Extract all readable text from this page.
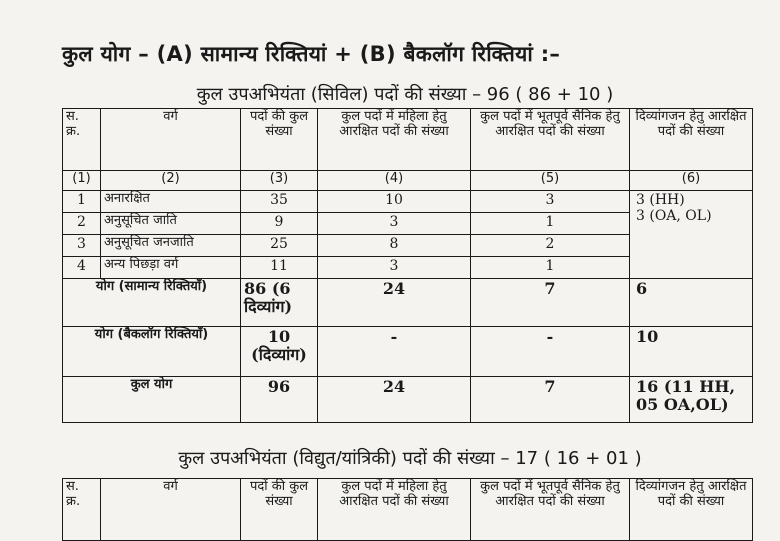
कुल योग – (A) सामान्य रिक्तियां + (B) बैकलॉग रिक्तियां :–
कुल उपअभियंता (सिविल) पदों की संख्या – 96 ( 86 + 10 )
स. क्र.	वर्ग	पदों की कुल संख्या	कुल पदों में महिला हेतु आरक्षित पदों की संख्या	कुल पदों में भूतपूर्व सैनिक हेतु आरक्षित पदों की संख्या	दिव्यांगजन हेतु आरक्षित पदों की संख्या
(1)	(2)	(3)	(4)	(5)	(6)
1	अनारक्षित	35	10	3	3 (HH)
3 (OA, OL)

2	अनुसूचित जाति	9	3	1	
3	अनुसूचित जनजाति	25	8	2	
4	अन्य पिछड़ा वर्ग	11	3	1	
योग (सामान्य रिक्तियाँ)		86 (6 दिव्यांग)	24	7	6
योग (बैकलॉग रिक्तियाँ)		10 (दिव्यांग)	-	-	10
कुल योग		96	24	7	16 (11 HH, 05 OA,OL)
कुल उपअभियंता (विद्युत/यांत्रिकी) पदों की संख्या – 17 ( 16 + 01 )
स. क्र.	वर्ग	पदों की कुल संख्या	कुल पदों में महिला हेतु आरक्षित पदों की संख्या	कुल पदों में भूतपूर्व सैनिक हेतु आरक्षित पदों की संख्या	दिव्यांगजन हेतु आरक्षित पदों की संख्या
